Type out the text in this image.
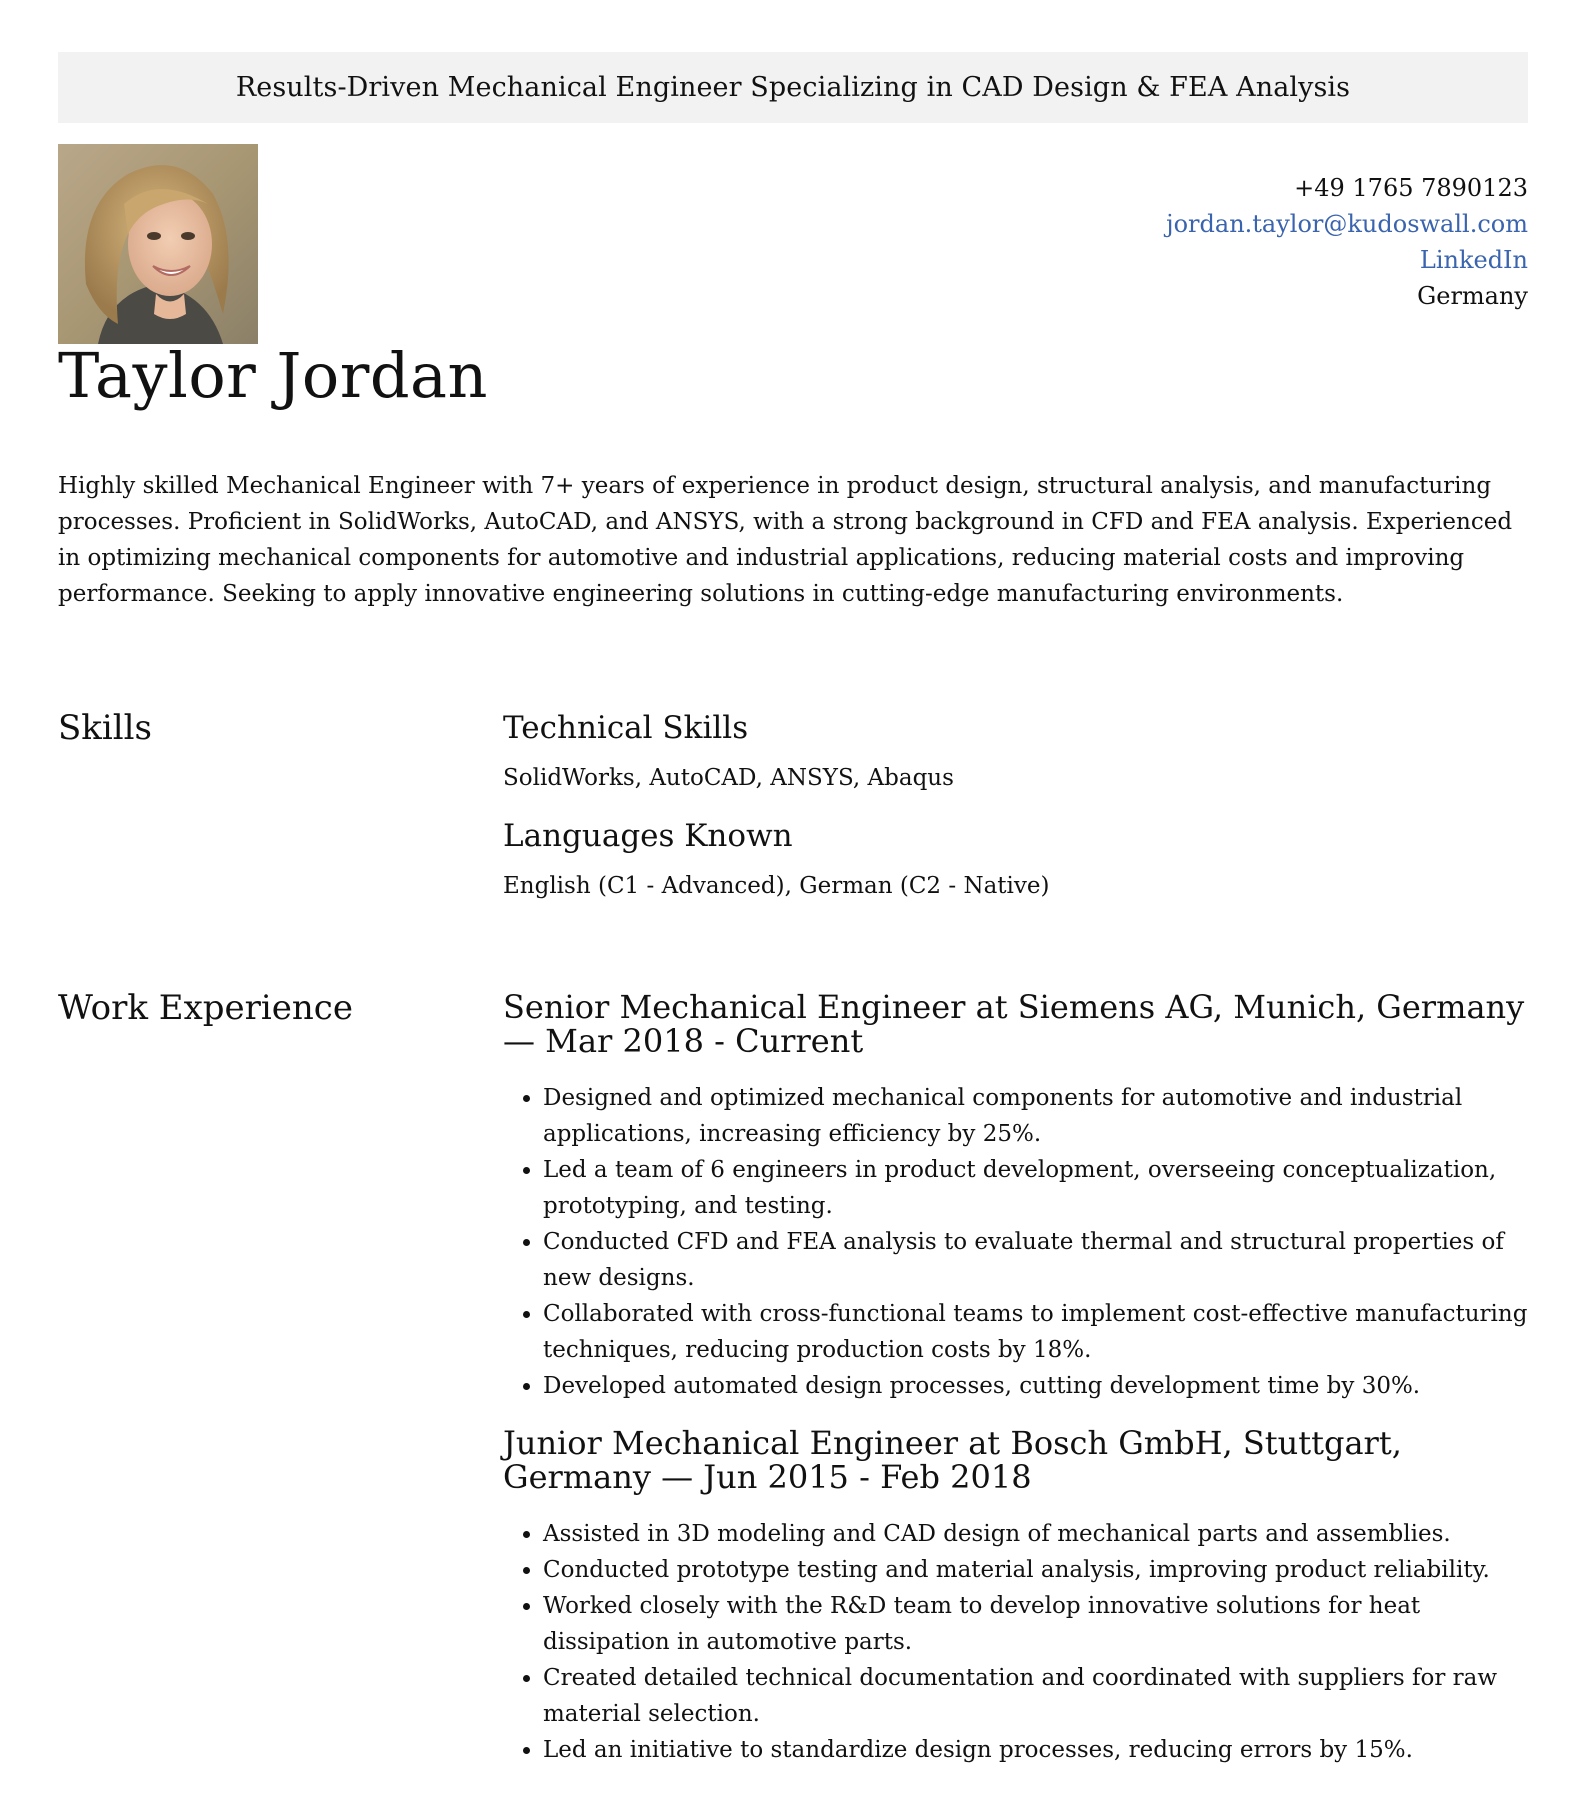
Results-Driven Mechanical Engineer Specializing in CAD Design & FEA Analysis
+49 1765 7890123
jordan.taylor@kudoswall.com
LinkedIn
Germany
Taylor Jordan

Highly skilled Mechanical Engineer with 7+ years of experience in product design, structural analysis, and manufacturing processes. Proficient in SolidWorks, AutoCAD, and ANSYS, with a strong background in CFD and FEA analysis. Experienced in optimizing mechanical components for automotive and industrial applications, reducing material costs and improving performance. Seeking to apply innovative engineering solutions in cutting-edge manufacturing environments.

Skills	Technical Skills

SolidWorks, AutoCAD, ANSYS, Abaqus

Languages Known

English (C1 - Advanced), German (C2 - Native)

Work Experience	Senior Mechanical Engineer at Siemens AG, Munich, Germany — Mar 2018 - Current
• Designed and optimized mechanical components for automotive and industrial applications, increasing efficiency by 25%.
• Led a team of 6 engineers in product development, overseeing conceptualization, prototyping, and testing.
• Conducted CFD and FEA analysis to evaluate thermal and structural properties of new designs.
• Collaborated with cross-functional teams to implement cost-effective manufacturing techniques, reducing production costs by 18%.
• Developed automated design processes, cutting development time by 30%.
Junior Mechanical Engineer at Bosch GmbH, Stuttgart, Germany — Jun 2015 - Feb 2018
• Assisted in 3D modeling and CAD design of mechanical parts and assemblies.
• Conducted prototype testing and material analysis, improving product reliability.
• Worked closely with the R&D team to develop innovative solutions for heat dissipation in automotive parts.
• Created detailed technical documentation and coordinated with suppliers for raw material selection.
• Led an initiative to standardize design processes, reducing errors by 15%.
